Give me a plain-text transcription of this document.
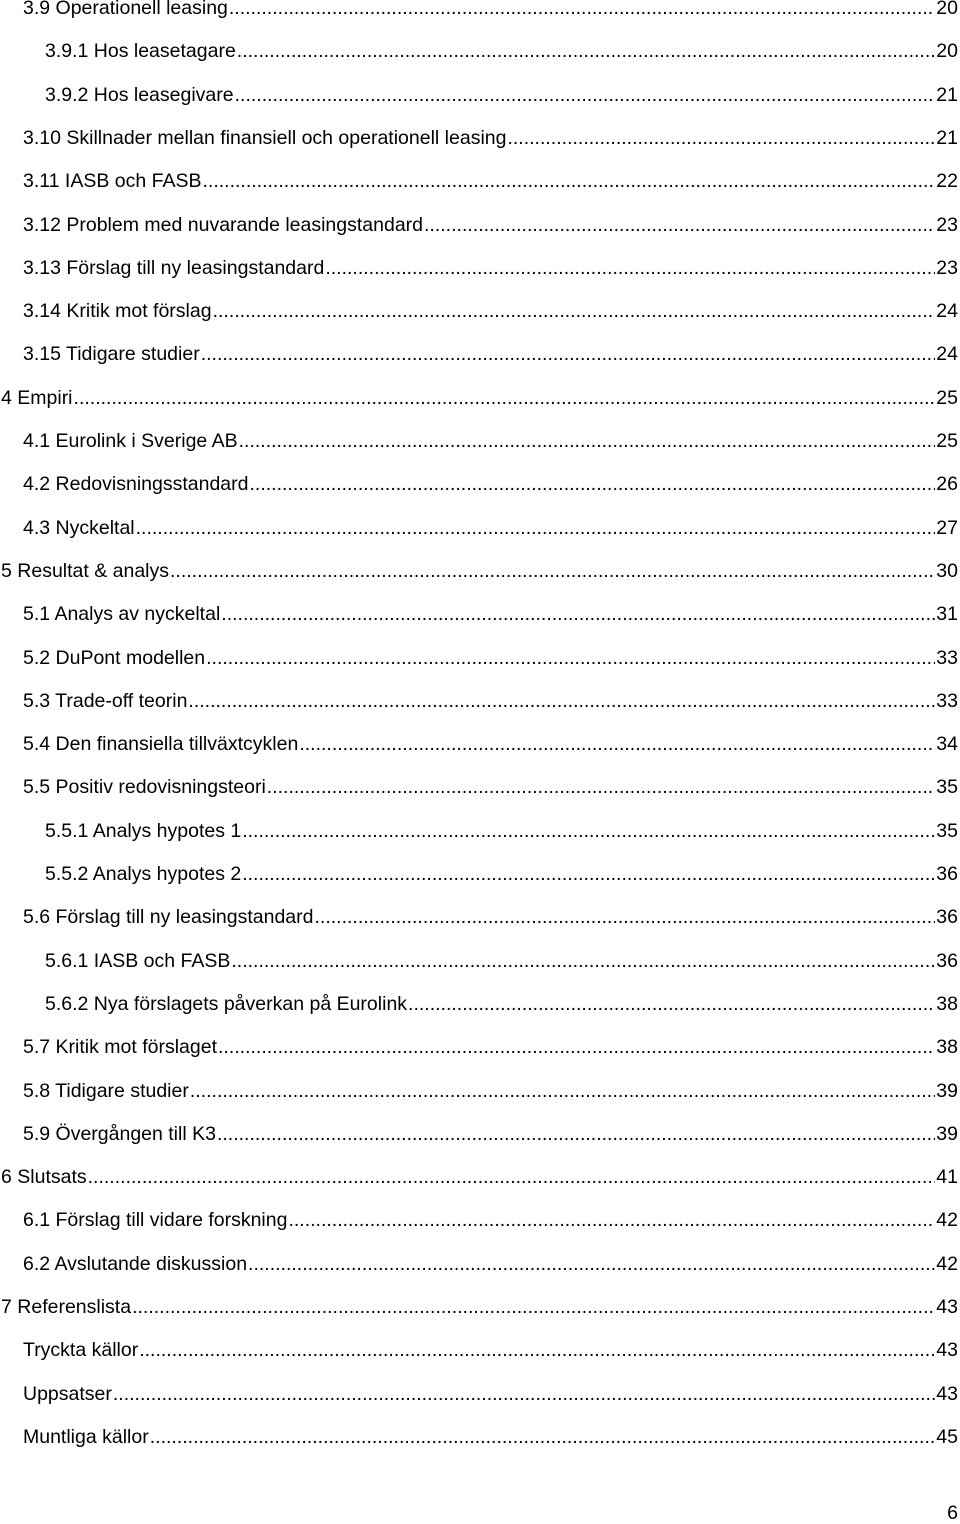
3.9 Operationell leasing .....	20
3.9.1 Hos leasetagare .....	20
3.9.2 Hos leasegivare .....	21
3.10 Skillnader mellan finansiell och operationell leasing .....	21
3.11 IASB och FASB .....	22
3.12 Problem med nuvarande leasingstandard .....	23
3.13 Förslag till ny leasingstandard .....	23
3.14 Kritik mot förslag .....	24
3.15 Tidigare studier .....	24
4 Empiri .....	25
4.1 Eurolink i Sverige AB .....	25
4.2 Redovisningsstandard .....	26
4.3 Nyckeltal .....	27
5 Resultat & analys .....	30
5.1 Analys av nyckeltal .....	31
5.2 DuPont modellen .....	33
5.3 Trade-off teorin .....	33
5.4 Den finansiella tillväxtcyklen .....	34
5.5 Positiv redovisningsteori .....	35
5.5.1 Analys hypotes 1 .....	35
5.5.2 Analys hypotes 2 .....	36
5.6 Förslag till ny leasingstandard .....	36
5.6.1 IASB och FASB .....	36
5.6.2 Nya förslagets påverkan på Eurolink .....	38
5.7 Kritik mot förslaget .....	38
5.8 Tidigare studier .....	39
5.9 Övergången till K3 .....	39
6 Slutsats .....	41
6.1 Förslag till vidare forskning .....	42
6.2 Avslutande diskussion .....	42
7 Referenslista .....	43
Tryckta källor .....	43
Uppsatser .....	43
Muntliga källor .....	45
6
